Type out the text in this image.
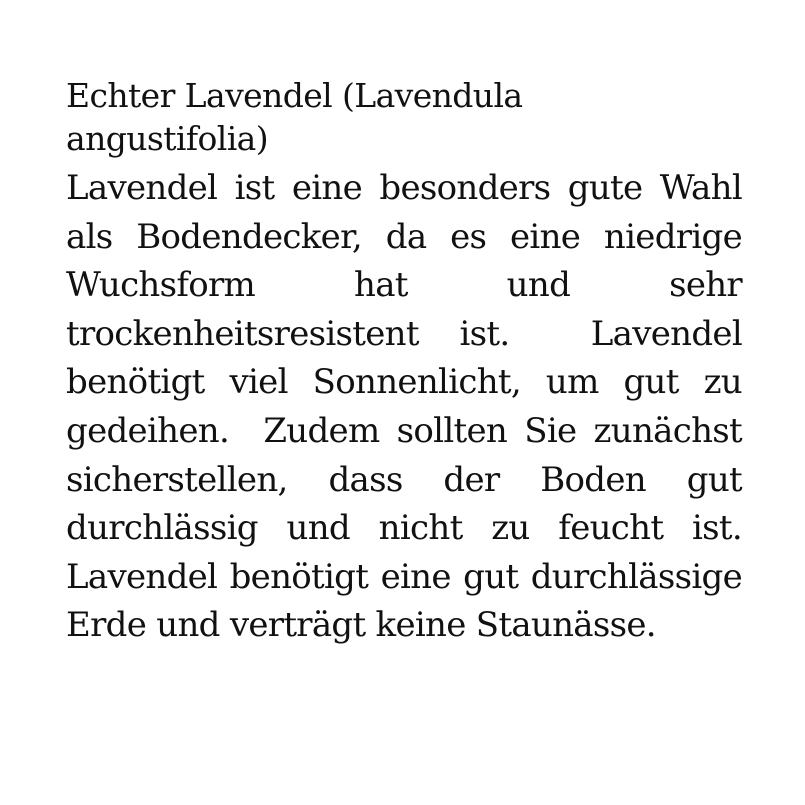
Echter Lavendel (Lavendula angustifolia)

Lavendel ist eine besonders gute Wahl als Bodendecker, da es eine niedrige Wuchsform hat und sehr trockenheitsresistent ist.  Lavendel benötigt viel Sonnenlicht, um gut zu gedeihen.  Zudem sollten Sie zunächst sicherstellen, dass der Boden gut durchlässig und nicht zu feucht ist. Lavendel benötigt eine gut durchlässige Erde und verträgt keine Staunässe.
